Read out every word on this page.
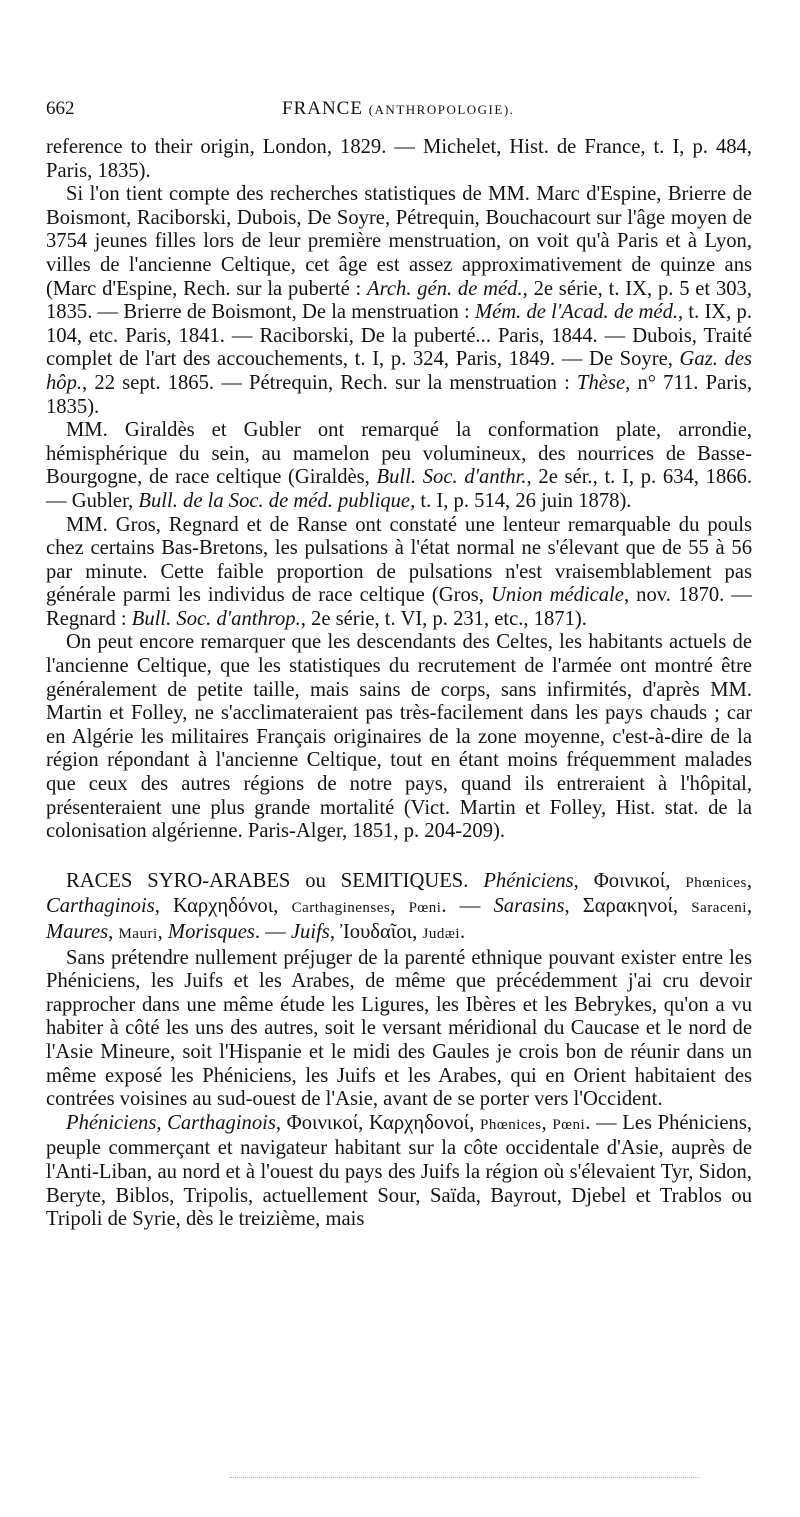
662	FRANCE (ANTHROPOLOGIE).

reference to their origin, London, 1829. — Michelet, Hist. de France, t. I, p. 484, Paris, 1835).

Si l'on tient compte des recherches statistiques de MM. Marc d'Espine, Brierre de Boismont, Raciborski, Dubois, De Soyre, Pétrequin, Bouchacourt sur l'âge moyen de 3754 jeunes filles lors de leur première menstruation, on voit qu'à Paris et à Lyon, villes de l'ancienne Celtique, cet âge est assez approximativement de quinze ans (Marc d'Espine, Rech. sur la puberté : Arch. gén. de méd., 2e série, t. IX, p. 5 et 303, 1835. — Brierre de Boismont, De la menstruation : Mém. de l'Acad. de méd., t. IX, p. 104, etc. Paris, 1841. — Raciborski, De la puberté... Paris, 1844. — Dubois, Traité complet de l'art des accouchements, t. I, p. 324, Paris, 1849. — De Soyre, Gaz. des hôp., 22 sept. 1865. — Pétrequin, Rech. sur la menstruation : Thèse, n° 711. Paris, 1835).

MM. Giraldès et Gubler ont remarqué la conformation plate, arrondie, hémisphérique du sein, au mamelon peu volumineux, des nourrices de Basse-Bourgogne, de race celtique (Giraldès, Bull. Soc. d'anthr., 2e sér., t. I, p. 634, 1866. — Gubler, Bull. de la Soc. de méd. publique, t. I, p. 514, 26 juin 1878).

MM. Gros, Regnard et de Ranse ont constaté une lenteur remarquable du pouls chez certains Bas-Bretons, les pulsations à l'état normal ne s'élevant que de 55 à 56 par minute. Cette faible proportion de pulsations n'est vraisemblablement pas générale parmi les individus de race celtique (Gros, Union médicale, nov. 1870. — Regnard : Bull. Soc. d'anthrop., 2e série, t. VI, p. 231, etc., 1871).

On peut encore remarquer que les descendants des Celtes, les habitants actuels de l'ancienne Celtique, que les statistiques du recrutement de l'armée ont montré être généralement de petite taille, mais sains de corps, sans infirmités, d'après MM. Martin et Folley, ne s'acclimateraient pas très-facilement dans les pays chauds ; car en Algérie les militaires Français originaires de la zone moyenne, c'est-à-dire de la région répondant à l'ancienne Celtique, tout en étant moins fréquemment malades que ceux des autres régions de notre pays, quand ils entreraient à l'hôpital, présenteraient une plus grande mortalité (Vict. Martin et Folley, Hist. stat. de la colonisation algérienne. Paris-Alger, 1851, p. 204-209).

RACES SYRO-ARABES ou SEMITIQUES. Phéniciens, Φοινικοί, Phœnices, Carthaginois, Καρχηδόνοι, Carthaginenses, Pœni. — Sarasins, Σαρακηνοί, Saraceni, Maures, Mauri, Morisques. — Juifs, Ἰουδαῖοι, Judæi.

Sans prétendre nullement préjuger de la parenté ethnique pouvant exister entre les Phéniciens, les Juifs et les Arabes, de même que précédemment j'ai cru devoir rapprocher dans une même étude les Ligures, les Ibères et les Bebrykes, qu'on a vu habiter à côté les uns des autres, soit le versant méridional du Caucase et le nord de l'Asie Mineure, soit l'Hispanie et le midi des Gaules je crois bon de réunir dans un même exposé les Phéniciens, les Juifs et les Arabes, qui en Orient habitaient des contrées voisines au sud-ouest de l'Asie, avant de se porter vers l'Occident.

Phéniciens, Carthaginois, Φοινικοί, Καρχηδονοί, Phœnices, Pœni. — Les Phéniciens, peuple commerçant et navigateur habitant sur la côte occidentale d'Asie, auprès de l'Anti-Liban, au nord et à l'ouest du pays des Juifs la région où s'élevaient Tyr, Sidon, Beryte, Biblos, Tripolis, actuellement Sour, Saïda, Bayrout, Djebel et Trablos ou Tripoli de Syrie, dès le treizième, mais
